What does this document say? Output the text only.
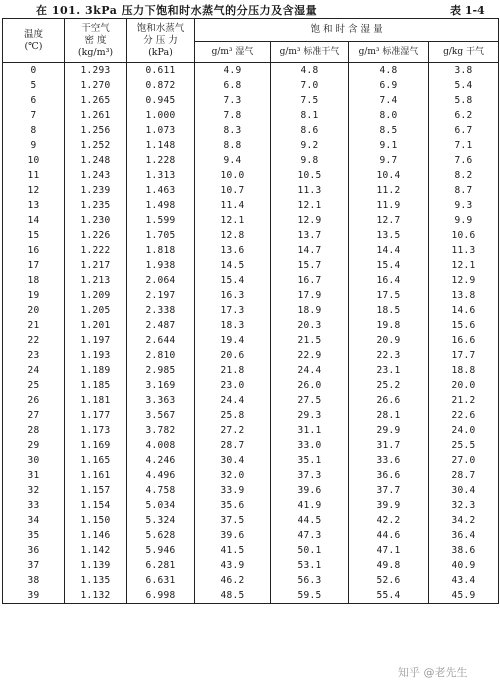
在 101. 3kPa 压力下饱和时水蒸气的分压力及含湿量	表 1-4
温度
(℃)	干空气
密 度
(kg/m³)	饱和水蒸气
分 压 力
(kPa)	饱 和 时 含 湿 量			
			g/m³ 湿气	g/m³ 标准干气	g/m³ 标准湿气	g/kg 干气
0	1.293	0.611	4.9	4.8	4.8	3.8
5	1.270	0.872	6.8	7.0	6.9	5.4
6	1.265	0.945	7.3	7.5	7.4	5.8
7	1.261	1.000	7.8	8.1	8.0	6.2
8	1.256	1.073	8.3	8.6	8.5	6.7
9	1.252	1.148	8.8	9.2	9.1	7.1
10	1.248	1.228	9.4	9.8	9.7	7.6
11	1.243	1.313	10.0	10.5	10.4	8.2
12	1.239	1.463	10.7	11.3	11.2	8.7
13	1.235	1.498	11.4	12.1	11.9	9.3
14	1.230	1.599	12.1	12.9	12.7	9.9
15	1.226	1.705	12.8	13.7	13.5	10.6
16	1.222	1.818	13.6	14.7	14.4	11.3
17	1.217	1.938	14.5	15.7	15.4	12.1
18	1.213	2.064	15.4	16.7	16.4	12.9
19	1.209	2.197	16.3	17.9	17.5	13.8
20	1.205	2.338	17.3	18.9	18.5	14.6
21	1.201	2.487	18.3	20.3	19.8	15.6
22	1.197	2.644	19.4	21.5	20.9	16.6
23	1.193	2.810	20.6	22.9	22.3	17.7
24	1.189	2.985	21.8	24.4	23.1	18.8
25	1.185	3.169	23.0	26.0	25.2	20.0
26	1.181	3.363	24.4	27.5	26.6	21.2
27	1.177	3.567	25.8	29.3	28.1	22.6
28	1.173	3.782	27.2	31.1	29.9	24.0
29	1.169	4.008	28.7	33.0	31.7	25.5
30	1.165	4.246	30.4	35.1	33.6	27.0
31	1.161	4.496	32.0	37.3	36.6	28.7
32	1.157	4.758	33.9	39.6	37.7	30.4
33	1.154	5.034	35.6	41.9	39.9	32.3
34	1.150	5.324	37.5	44.5	42.2	34.2
35	1.146	5.628	39.6	47.3	44.6	36.4
36	1.142	5.946	41.5	50.1	47.1	38.6
37	1.139	6.281	43.9	53.1	49.8	40.9
38	1.135	6.631	46.2	56.3	52.6	43.4
39	1.132	6.998	48.5	59.5	55.4	45.9
知乎 @老先生
